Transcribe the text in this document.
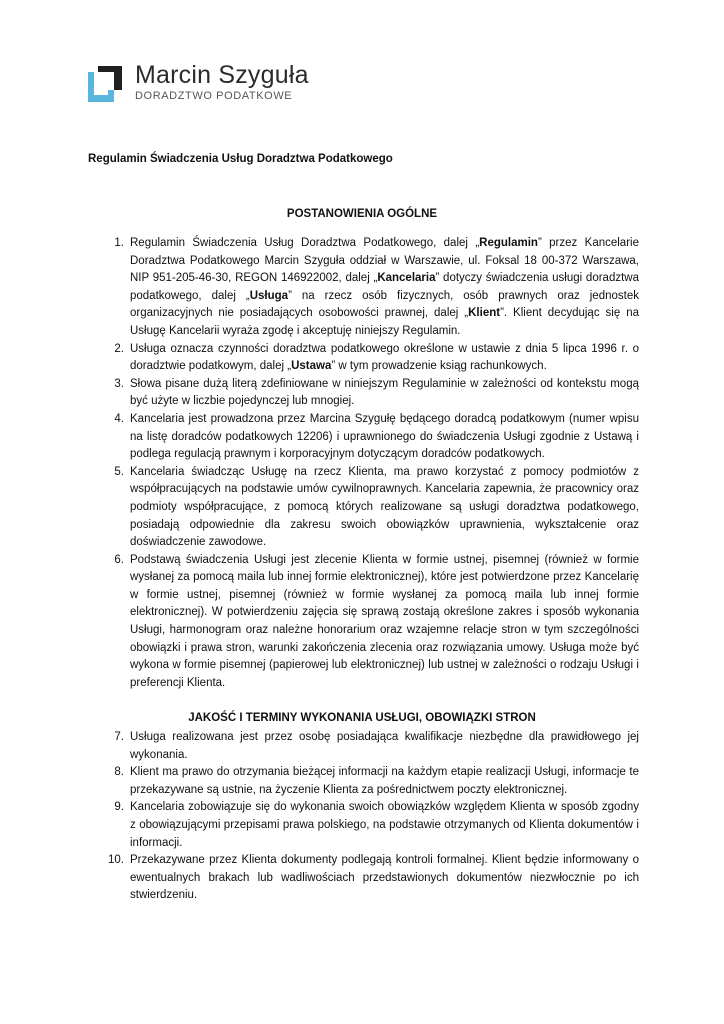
Marcin Szyguła
DORADZTWO PODATKOWE
Regulamin Świadczenia Usług Doradztwa Podatkowego
POSTANOWIENIA OGÓLNE
1. Regulamin Świadczenia Usług Doradztwa Podatkowego, dalej „Regulamin” przez Kancelarie Doradztwa Podatkowego Marcin Szyguła oddział w Warszawie, ul. Foksal 18 00-372 Warszawa, NIP 951-205-46-30, REGON 146922002, dalej „Kancelaria” dotyczy świadczenia usługi doradztwa podatkowego, dalej „Usługa” na rzecz osób fizycznych, osób prawnych oraz jednostek organizacyjnych nie posiadających osobowości prawnej, dalej „Klient”. Klient decydując się na Usługę Kancelarii wyraża zgodę i akceptuję niniejszy Regulamin.
2. Usługa oznacza czynności doradztwa podatkowego określone w ustawie z dnia 5 lipca 1996 r. o doradztwie podatkowym, dalej „Ustawa” w tym prowadzenie ksiąg rachunkowych.
3. Słowa pisane dużą literą zdefiniowane w niniejszym Regulaminie w zależności od kontekstu mogą być użyte w liczbie pojedynczej lub mnogiej.
4. Kancelaria jest prowadzona przez Marcina Szygułę będącego doradcą podatkowym (numer wpisu na listę doradców podatkowych 12206) i uprawnionego do świadczenia Usługi zgodnie z Ustawą i podlega regulacją prawnym i korporacyjnym dotyczącym doradców podatkowych.
5. Kancelaria świadcząc Usługę na rzecz Klienta, ma prawo korzystać z pomocy podmiotów z współpracujących na podstawie umów cywilnoprawnych. Kancelaria zapewnia, że pracownicy oraz podmioty współpracujące, z pomocą których realizowane są usługi doradztwa podatkowego, posiadają odpowiednie dla zakresu swoich obowiązków uprawnienia, wykształcenie oraz doświadczenie zawodowe.
6. Podstawą świadczenia Usługi jest zlecenie Klienta w formie ustnej, pisemnej (również w formie wysłanej za pomocą maila lub innej formie elektronicznej), które jest potwierdzone przez Kancelarię w formie ustnej, pisemnej (również w formie wysłanej za pomocą maila lub innej formie elektronicznej). W potwierdzeniu zajęcia się sprawą zostają określone zakres i sposób wykonania Usługi, harmonogram oraz należne honorarium oraz wzajemne relacje stron w tym szczególności obowiązki i prawa stron, warunki zakończenia zlecenia oraz rozwiązania umowy. Usługa może być wykona w formie pisemnej (papierowej lub elektronicznej) lub ustnej w zależności o rodzaju Usługi i preferencji Klienta.
JAKOŚĆ I TERMINY WYKONANIA USŁUGI, OBOWIĄZKI STRON
7. Usługa realizowana jest przez osobę posiadająca kwalifikacje niezbędne dla prawidłowego jej wykonania.
8. Klient ma prawo do otrzymania bieżącej informacji na każdym etapie realizacji Usługi, informacje te przekazywane są ustnie, na życzenie Klienta za pośrednictwem poczty elektronicznej.
9. Kancelaria zobowiązuje się do wykonania swoich obowiązków względem Klienta w sposób zgodny z obowiązującymi przepisami prawa polskiego, na podstawie otrzymanych od Klienta dokumentów i informacji.
10. Przekazywane przez Klienta dokumenty podlegają kontroli formalnej. Klient będzie informowany o ewentualnych brakach lub wadliwościach przedstawionych dokumentów niezwłocznie po ich stwierdzeniu.
